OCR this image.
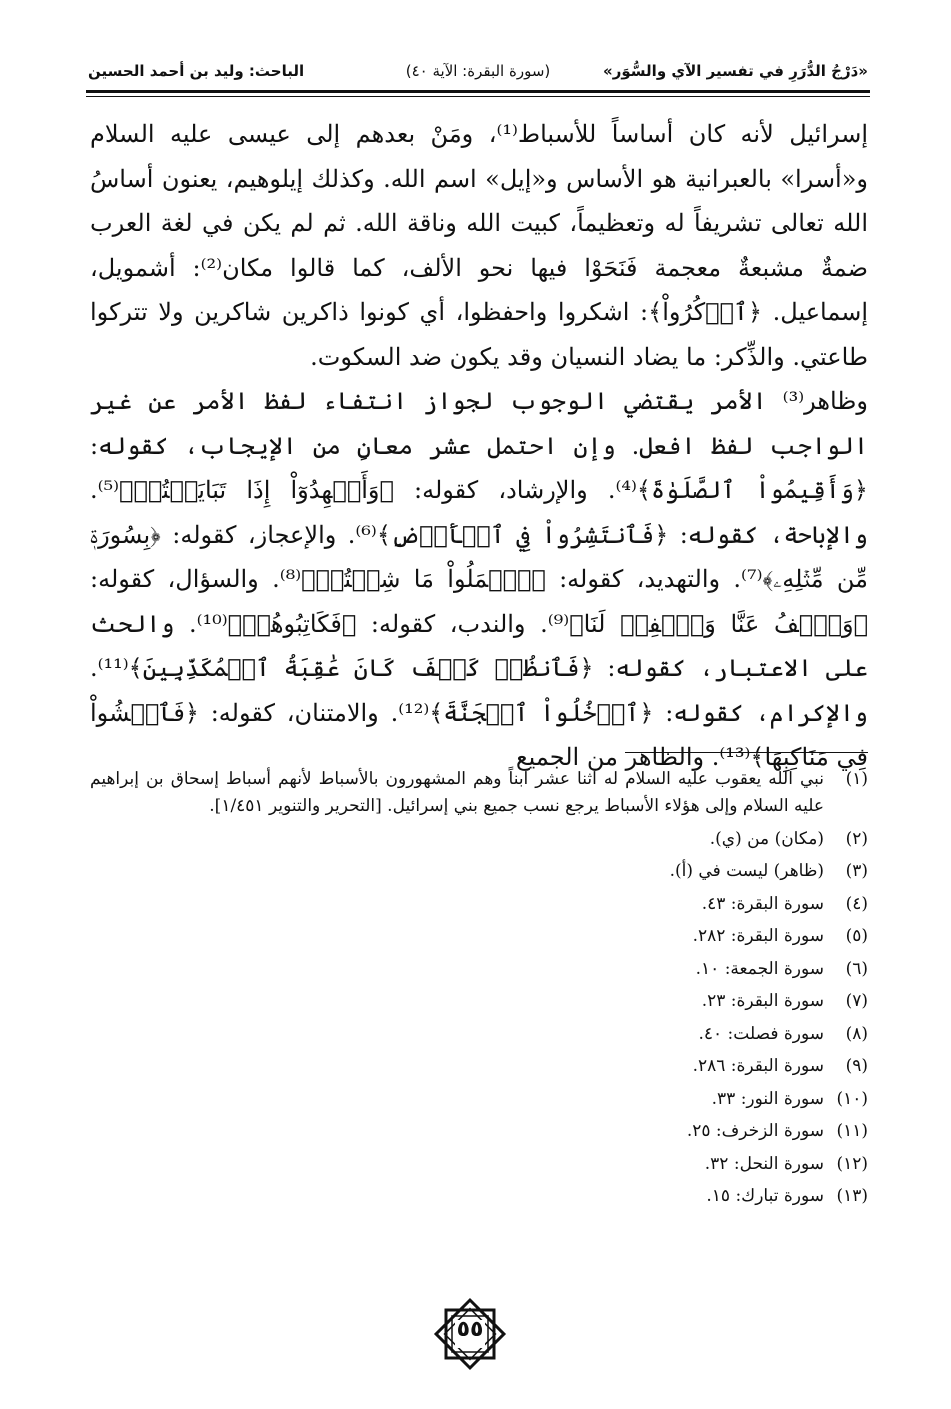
«دَرْجُ الدُّرَرِ في تفسير الآي والسُّوَر»
(سورة البقرة: الآية ٤٠)
الباحث: وليد بن أحمد الحسين

إسرائيل لأنه كان أساساً للأسباط⁽¹⁾، ومَنْ بعدهم إلى عيسى عليه السلام و«أسرا» بالعبرانية هو الأساس و«إيل» اسم الله. وكذلك إيلوهيم، يعنون أساسُ الله تعالى تشريفاً له وتعظيماً، كبيت الله وناقة الله. ثم لم يكن في لغة العرب ضمةٌ مشبعةٌ معجمة فَنَحَوْا فيها نحو الألف، كما قالوا مكان⁽²⁾: أشمويل، إسماعيل. ﴿ٱذۡكُرُواْ﴾: اشكروا واحفظوا، أي كونوا ذاكرين شاكرين ولا تتركوا طاعتي. والذِّكر: ما يضاد النسيان وقد يكون ضد السكوت.

وظاهر⁽³⁾ الأمر يقتضي الوجوب لجواز انتفاء لفظ الأمر عن غير الواجب لفظ افعل. وإن احتمل عشر معانٍ من الإيجاب، كقوله: ﴿وَأَقِيمُواْ ٱلصَّلَوٰةَ﴾⁽⁴⁾. والإرشاد، كقوله: ﴿وَأَشۡهِدُوٓاْ إِذَا تَبَايَعۡتُمۡ﴾⁽⁵⁾. والإباحة، كقوله: ﴿فَٱنتَشِرُواْ فِي ٱلۡأَرۡضِ﴾⁽⁶⁾. والإعجاز، كقوله: ﴿بِسُورَةٖ مِّن مِّثۡلِهِۦ﴾⁽⁷⁾. والتهديد، كقوله: ﴿ٱعۡمَلُواْ مَا شِئۡتُمۡ﴾⁽⁸⁾. والسؤال، كقوله: ﴿وَٱعۡفُ عَنَّا وَٱغۡفِرۡ لَنَا﴾⁽⁹⁾. والندب، كقوله: ﴿فَكَاتِبُوهُمۡ﴾⁽¹⁰⁾. والحث على الاعتبار، كقوله: ﴿فَٱنظُرۡ كَيۡفَ كَانَ عَٰقِبَةُ ٱلۡمُكَذِّبِينَ﴾⁽¹¹⁾. والإكرام، كقوله: ﴿ٱدۡخُلُواْ ٱلۡجَنَّةَ﴾⁽¹²⁾. والامتنان، كقوله: ﴿فَٱمۡشُواْ فِي مَنَاكِبِهَا﴾⁽¹³⁾. والظاهر من الجميع

(١)
نبي الله يعقوب عليه السلام له اثنا عشر ابناً وهم المشهورون بالأسباط لأنهم أسباط إسحاق بن إبراهيم عليه السلام وإلى هؤلاء الأسباط يرجع نسب جميع بني إسرائيل. [التحرير والتنوير ١/٤٥١].
(٢)
(مكان) من (ي).
(٣)
(ظاهر) ليست في (أ).
(٤)
سورة البقرة: ٤٣.
(٥)
سورة البقرة: ٢٨٢.
(٦)
سورة الجمعة: ١٠.
(٧)
سورة البقرة: ٢٣.
(٨)
سورة فصلت: ٤٠.
(٩)
سورة البقرة: ٢٨٦.
(١٠)
سورة النور: ٣٣.
(١١)
سورة الزخرف: ٢٥.
(١٢)
سورة النحل: ٣٢.
(١٣)
سورة تبارك: ١٥.
٥٥
